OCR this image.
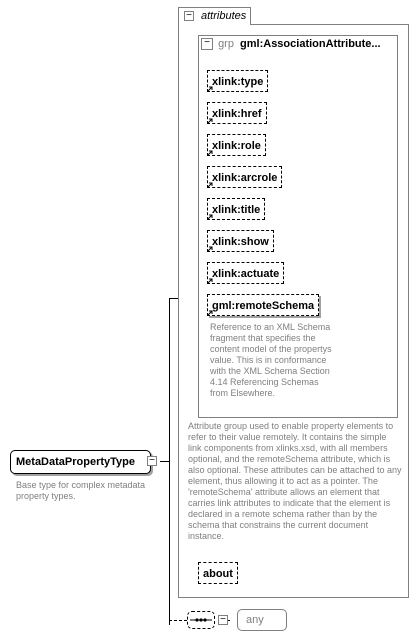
attributes
−
− grp gml:AssociationAttribute...
xlink:type
xlink:href
xlink:role
xlink:arcrole
xlink:title
xlink:show
xlink:actuate
gml:remoteSchema
Reference to an XML Schema fragment that specifies the content model of the propertys value. This is in conformance with the XML Schema Section 4.14 Referencing Schemas from Elsewhere.
Attribute group used to enable property elements to refer to their value remotely. It contains the simple link components from xlinks.xsd, with all members optional, and the remoteSchema attribute, which is also optional. These attributes can be attached to any element, thus allowing it to act as a pointer. The 'remoteSchema' attribute allows an element that carries link attributes to indicate that the element is declared in a remote schema rather than by the schema that constrains the current document instance.
about
MetaDataPropertyType	−
Base type for complex metadata property types.
−	any
